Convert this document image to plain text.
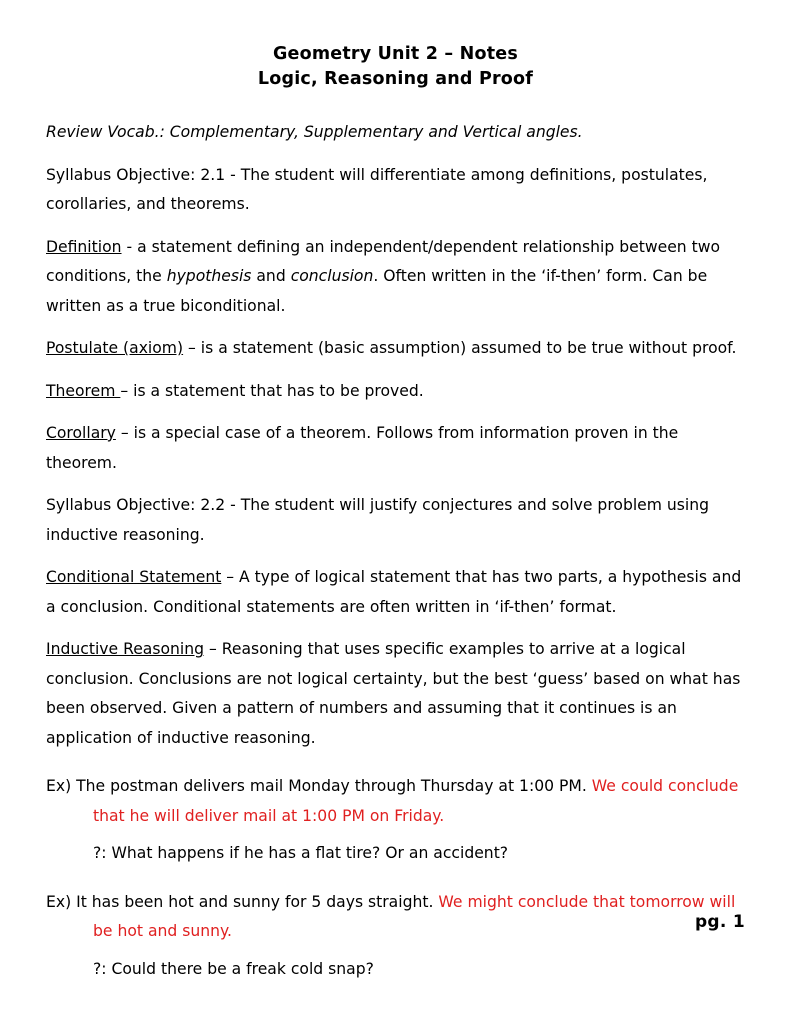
Geometry Unit 2 – Notes
Logic, Reasoning and Proof

Review Vocab.: Complementary, Supplementary and Vertical angles.

Syllabus Objective: 2.1 - The student will differentiate among definitions, postulates, corollaries, and theorems.

Definition - a statement defining an independent/dependent relationship between two conditions, the hypothesis and conclusion. Often written in the ‘if-then’ form. Can be written as a true biconditional.

Postulate (axiom) – is a statement (basic assumption) assumed to be true without proof.

Theorem – is a statement that has to be proved.

Corollary – is a special case of a theorem. Follows from information proven in the theorem.

Syllabus Objective: 2.2 - The student will justify conjectures and solve problem using inductive reasoning.

Conditional Statement – A type of logical statement that has two parts, a hypothesis and a conclusion. Conditional statements are often written in ‘if-then’ format.

Inductive Reasoning – Reasoning that uses specific examples to arrive at a logical conclusion. Conclusions are not logical certainty, but the best ‘guess’ based on what has been observed. Given a pattern of numbers and assuming that it continues is an application of inductive reasoning.

Ex) The postman delivers mail Monday through Thursday at 1:00 PM. We could conclude that he will deliver mail at 1:00 PM on Friday.

?: What happens if he has a flat tire? Or an accident?

Ex) It has been hot and sunny for 5 days straight. We might conclude that tomorrow will be hot and sunny.

?: Could there be a freak cold snap?

pg. 1
